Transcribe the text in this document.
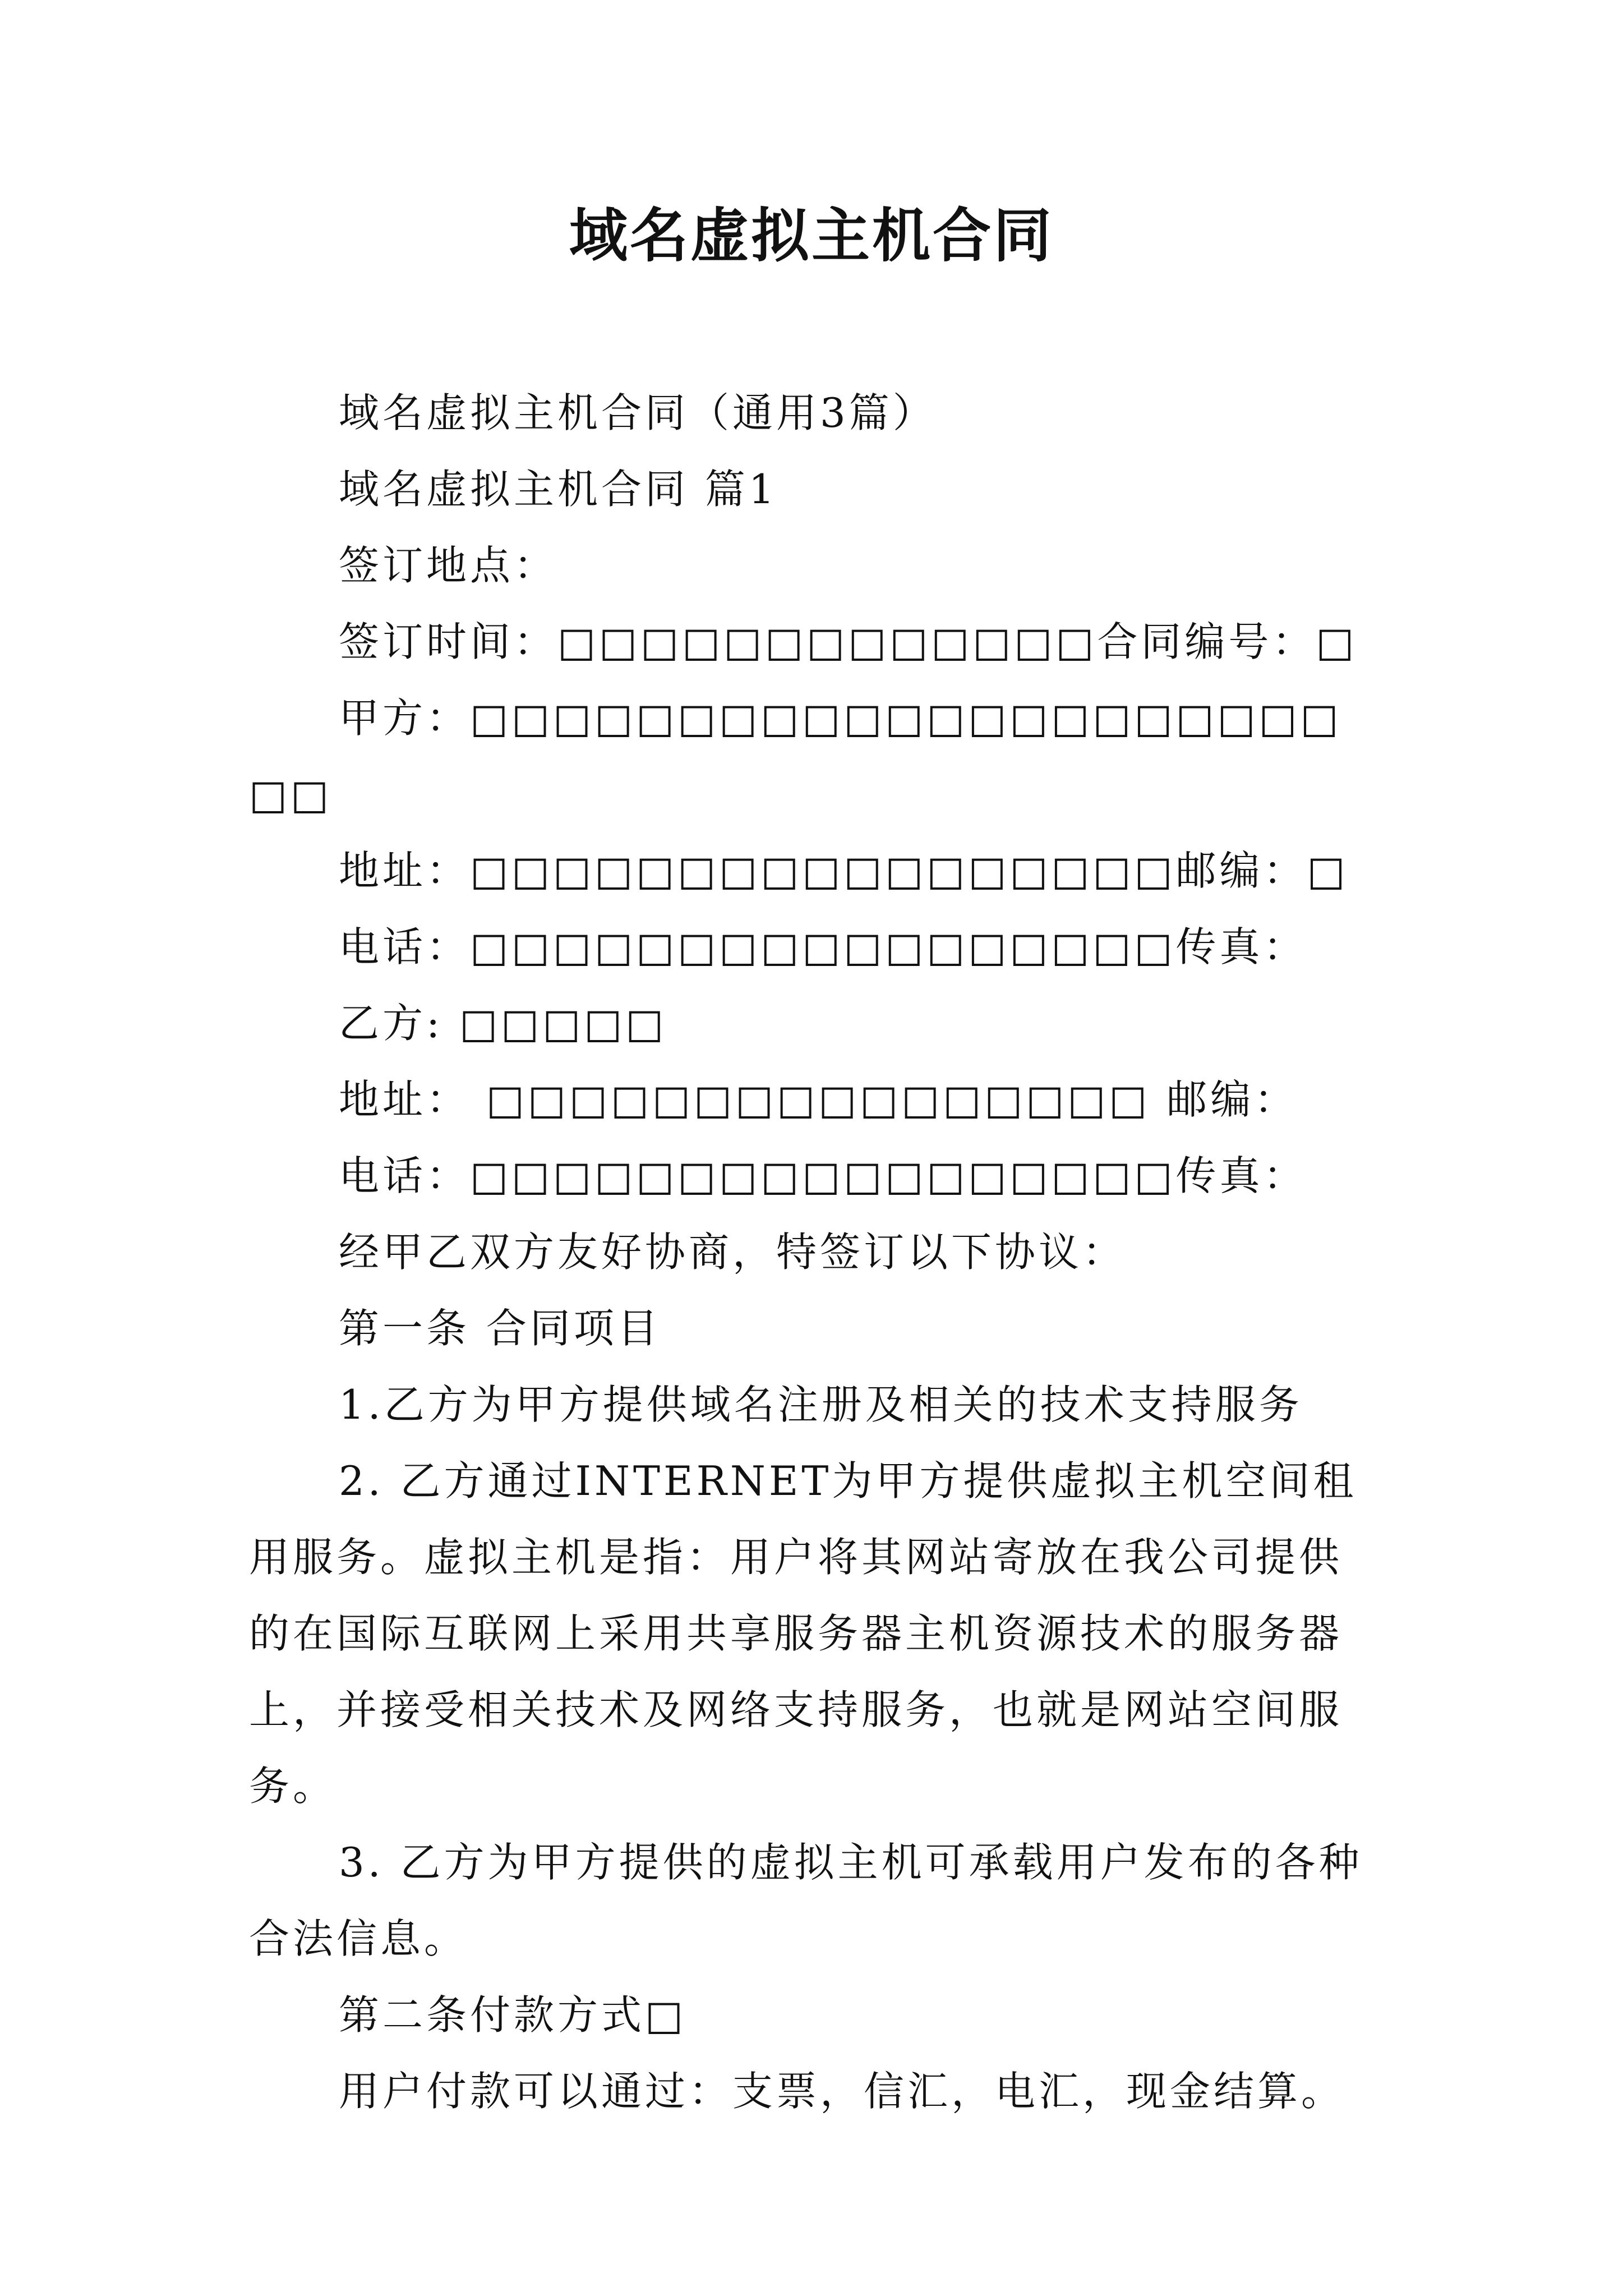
域名虚拟主机合同

域名虚拟主机合同（通用3篇）

域名虚拟主机合同 篇1

签订地点：

签订时间：□□□□□□□□□□□□□合同编号：□

甲方：□□□□□□□□□□□□□□□□□□□□□□□

地址：□□□□□□□□□□□□□□□□□邮编：□

电话：□□□□□□□□□□□□□□□□□传真：

乙方: □□□□□

地址： □□□□□□□□□□□□□□□□ 邮编：

电话：□□□□□□□□□□□□□□□□□传真：

经甲乙双方友好协商，特签订以下协议：

第一条 合同项目

1.乙方为甲方提供域名注册及相关的技术支持服务

2. 乙方通过INTERNET为甲方提供虚拟主机空间租用服务。虚拟主机是指：用户将其网站寄放在我公司提供的在国际互联网上采用共享服务器主机资源技术的服务器上，并接受相关技术及网络支持服务，也就是网站空间服务。

3. 乙方为甲方提供的虚拟主机可承载用户发布的各种合法信息。

第二条付款方式□

用户付款可以通过：支票，信汇，电汇，现金结算。
